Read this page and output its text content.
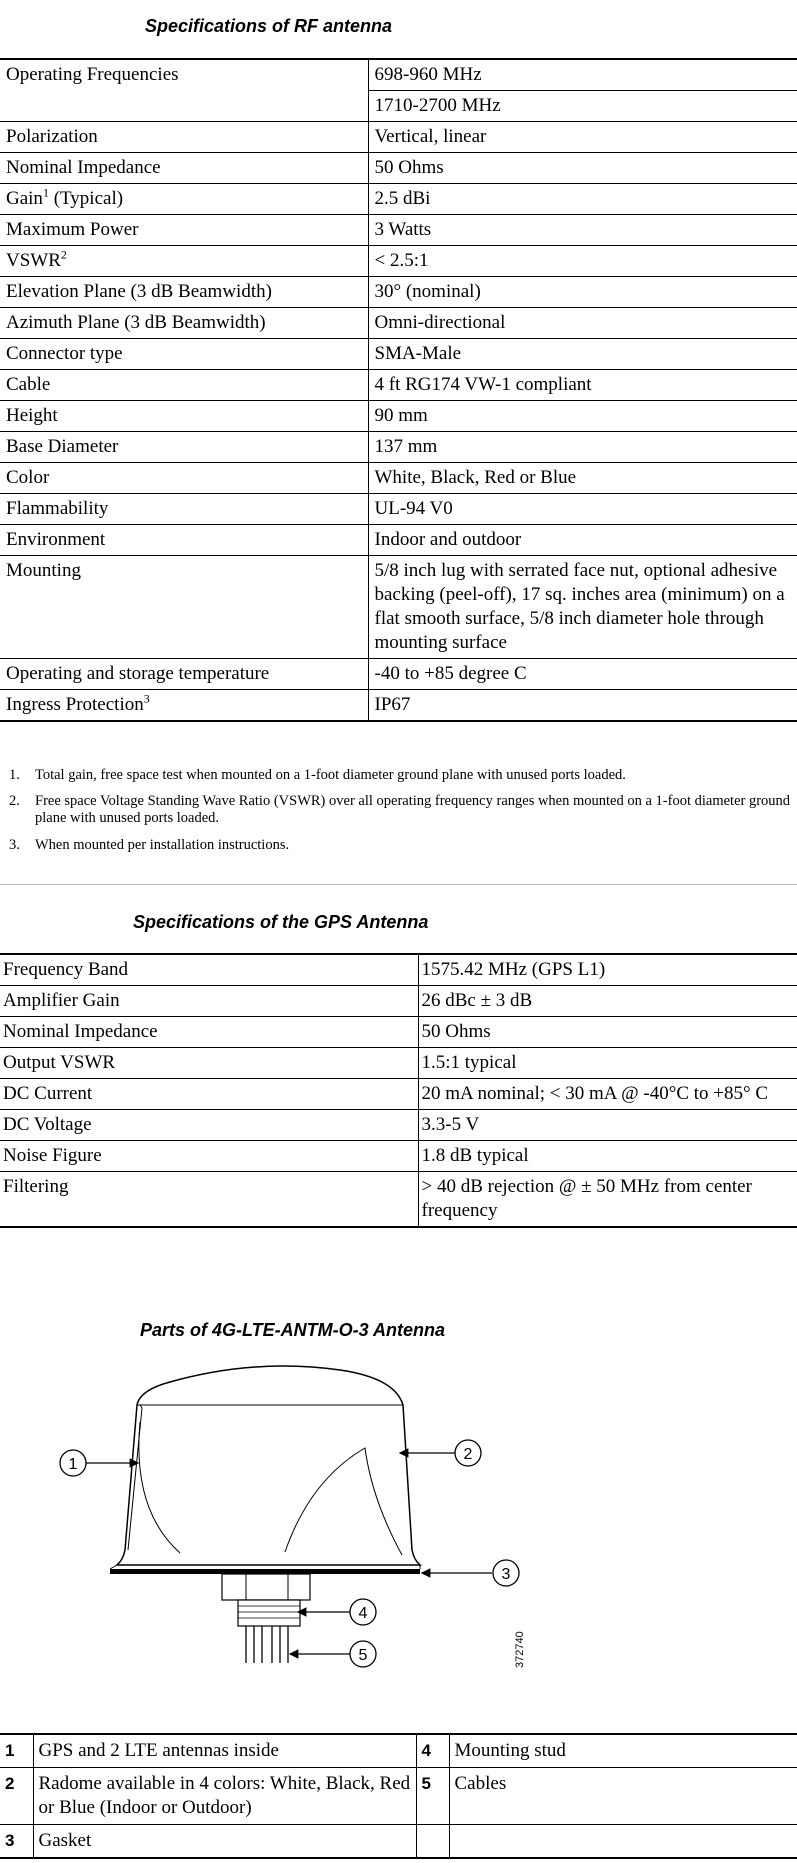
Specifications of RF antenna
Operating Frequencies	698-960 MHz
	1710-2700 MHz
Polarization	Vertical, linear
Nominal Impedance	50 Ohms
Gain$^1$ (Typical)	2.5 dBi
Maximum Power	3 Watts
$VSWR^2$	< 2.5:1
Elevation Plane (3 dB Beamwidth)	30° (nominal)
Azimuth Plane (3 dB Beamwidth)	Omni-directional
Connector type	SMA-Male
Cable	4 ft RG174 VW-1 compliant
Height	90 mm
Base Diameter	137 mm
Color	White, Black, Red or Blue
Flammability	UL-94 V0
Environment	Indoor and outdoor
Mounting	5/8 inch lug with serrated face nut, optional adhesive backing (peel-off), 17 sq. inches area (minimum) on a flat smooth surface, 5/8 inch diameter hole through mounting surface
Operating and storage temperature	-40 to +85 degree C
Ingress Protection$^3$	IP67
1. Total gain, free space test when mounted on a 1-foot diameter ground plane with unused ports loaded.
2. Free space Voltage Standing Wave Ratio (VSWR) over all operating frequency ranges when mounted on a 1-foot diameter ground plane with unused ports loaded.
3. When mounted per installation instructions.
Specifications of the GPS Antenna
Frequency Band	1575.42 MHz (GPS L1)
Amplifier Gain	26 dBc ± 3 dB
Nominal Impedance	50 Ohms
Output VSWR	1.5:1 typical
DC Current	20 mA nominal; < 30 mA @ -40°C to +85° C
DC Voltage	3.3-5 V
Noise Figure	1.8 dB typical
Filtering	> 40 dB rejection @ ± 50 MHz from center frequency
Parts of 4G-LTE-ANTM-O-3 Antenna
1
2
3
4
5	372740
1	GPS and 2 LTE antennas inside	4	Mounting stud
2	Radome available in 4 colors: White, Black, Red or Blue (Indoor or Outdoor)	5	Cables
3	Gasket		
